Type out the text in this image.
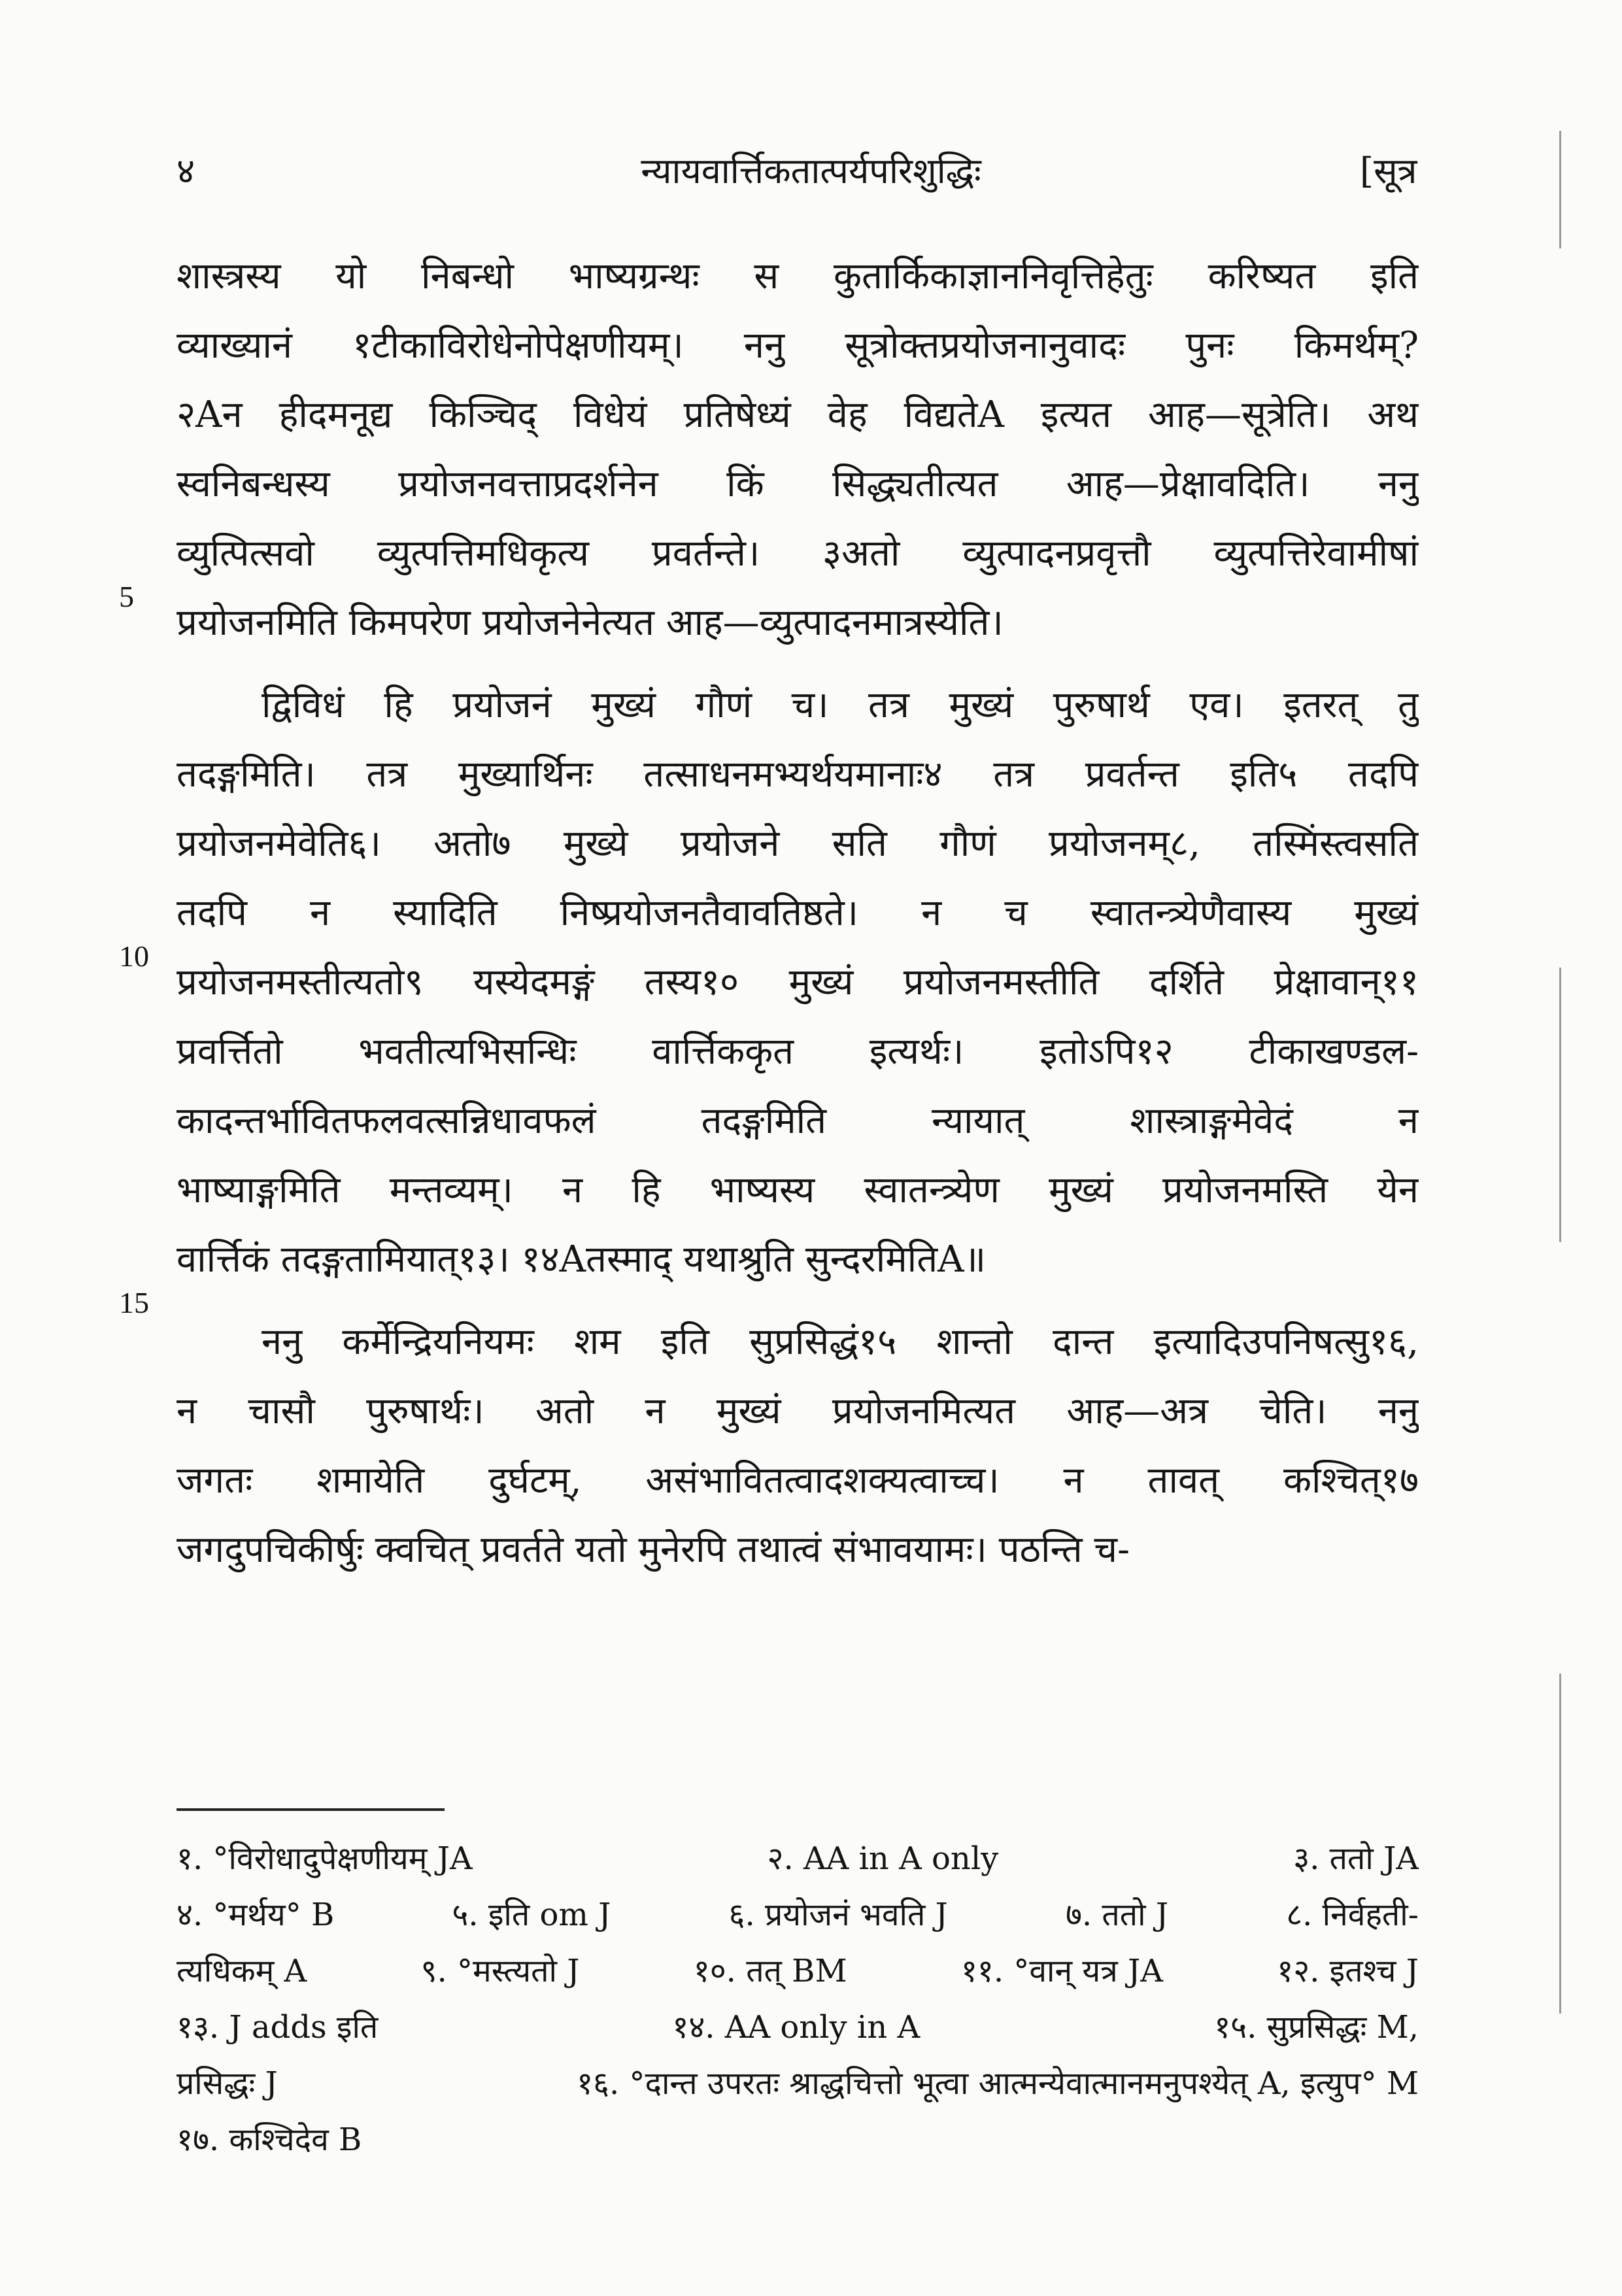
४	न्यायवार्त्तिकतात्पर्यपरिशुद्धिः	[सूत्र
शास्त्रस्य यो निबन्धो भाष्यग्रन्थः स कुतार्किकाज्ञाननिवृत्तिहेतुः करिष्यत इति
व्याख्यानं १टीकाविरोधेनोपेक्षणीयम्। ननु सूत्रोक्तप्रयोजनानुवादः पुनः किमर्थम्?
२Aन हीदमनूद्य किञ्चिद् विधेयं प्रतिषेध्यं वेह विद्यतेA इत्यत आह—सूत्रेति। अथ
स्वनिबन्धस्य प्रयोजनवत्ताप्रदर्शनेन किं सिद्ध्यतीत्यत आह—प्रेक्षावदिति। ननु
व्युत्पित्सवो व्युत्पत्तिमधिकृत्य प्रवर्तन्ते। ३अतो व्युत्पादनप्रवृत्तौ व्युत्पत्तिरेवामीषां
प्रयोजनमिति किमपरेण प्रयोजनेनेत्यत आह—व्युत्पादनमात्रस्येति।
द्विविधं हि प्रयोजनं मुख्यं गौणं च। तत्र मुख्यं पुरुषार्थ एव। इतरत् तु
तदङ्गमिति। तत्र मुख्यार्थिनः तत्साधनमभ्यर्थयमानाः४ तत्र प्रवर्तन्त इति५ तदपि
प्रयोजनमेवेति६। अतो७ मुख्ये प्रयोजने सति गौणं प्रयोजनम्८, तस्मिंस्त्वसति
तदपि न स्यादिति निष्प्रयोजनतैवावतिष्ठते। न च स्वातन्त्र्येणैवास्य मुख्यं
प्रयोजनमस्तीत्यतो९ यस्येदमङ्गं तस्य१० मुख्यं प्रयोजनमस्तीति दर्शिते प्रेक्षावान्११
प्रवर्त्तितो भवतीत्यभिसन्धिः वार्त्तिककृत इत्यर्थः। इतोऽपि१२ टीकाखण्डल-
कादन्तर्भावितफलवत्सन्निधावफलं तदङ्गमिति न्यायात् शास्त्राङ्गमेवेदं न
भाष्याङ्गमिति मन्तव्यम्। न हि भाष्यस्य स्वातन्त्र्येण मुख्यं प्रयोजनमस्ति येन
वार्त्तिकं तदङ्गतामियात्१३। १४Aतस्माद् यथाश्रुति सुन्दरमितिA॥
ननु कर्मेन्द्रियनियमः शम इति सुप्रसिद्धं१५ शान्तो दान्त इत्यादिउपनिषत्सु१६,
न चासौ पुरुषार्थः। अतो न मुख्यं प्रयोजनमित्यत आह—अत्र चेति। ननु
जगतः शमायेति दुर्घटम्, असंभावितत्वादशक्यत्वाच्च। न तावत् कश्चित्१७
जगदुपचिकीर्षुः क्वचित् प्रवर्तते यतो मुनेरपि तथात्वं संभावयामः। पठन्ति च-
5
10
15
१. °विरोधादुपेक्षणीयम् JA	२. AA in A only	३. ततो JA
४. °मर्थय° B	५. इति om J	६. प्रयोजनं भवति J	७. ततो J	८. निर्वहती-
त्यधिकम् A	९. °मस्त्यतो J	१०. तत् BM	११. °वान् यत्र JA	१२. इतश्च J
१३. J adds इति	१४. AA only in A	१५. सुप्रसिद्धः M,
प्रसिद्धः J	१६. °दान्त उपरतः श्राद्धचित्तो भूत्वा आत्मन्येवात्मानमनुपश्येत् A, इत्युप° M
१७. कश्चिदेव B
